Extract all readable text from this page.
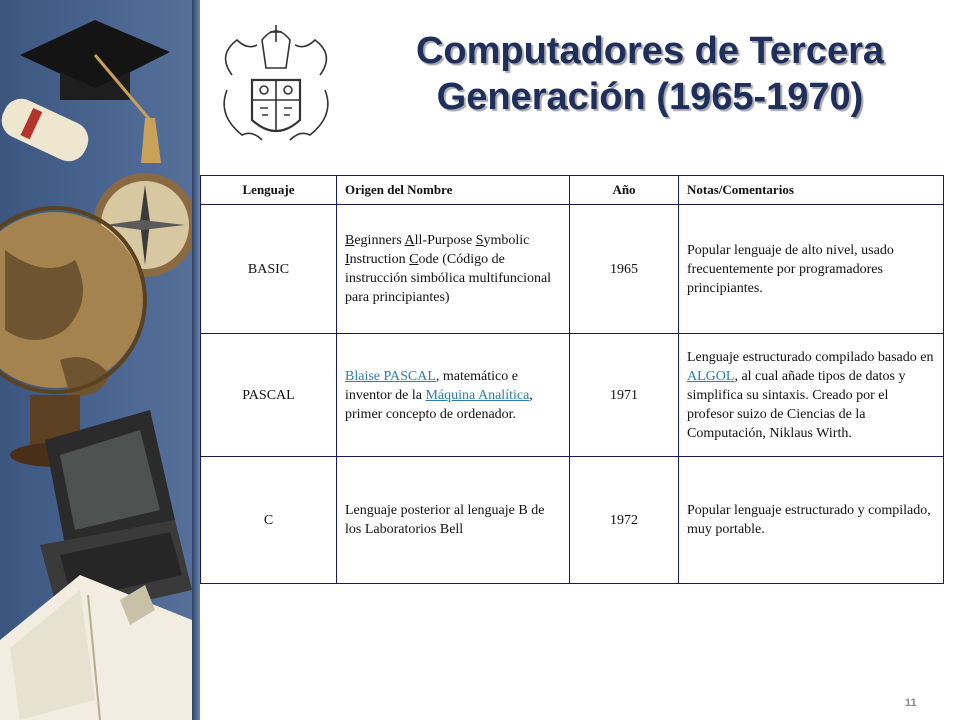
Computadores de Tercera
Generación (1965-1970)
Lenguaje	Origen del Nombre	Año	Notas/Comentarios
BASIC	Beginners All-Purpose Symbolic Instruction Code (Código de instrucción simbólica multifuncional para principiantes)	1965	Popular lenguaje de alto nivel, usado frecuentemente por programadores principiantes.
PASCAL	Blaise PASCAL, matemático e inventor de la Máquina Analítica, primer concepto de ordenador.	1971	Lenguaje estructurado compilado basado en ALGOL, al cual añade tipos de datos y simplifica su sintaxis. Creado por el profesor suizo de Ciencias de la Computación, Niklaus Wirth.
C	Lenguaje posterior al lenguaje B de los Laboratorios Bell	1972	Popular lenguaje estructurado y compilado, muy portable.
11
